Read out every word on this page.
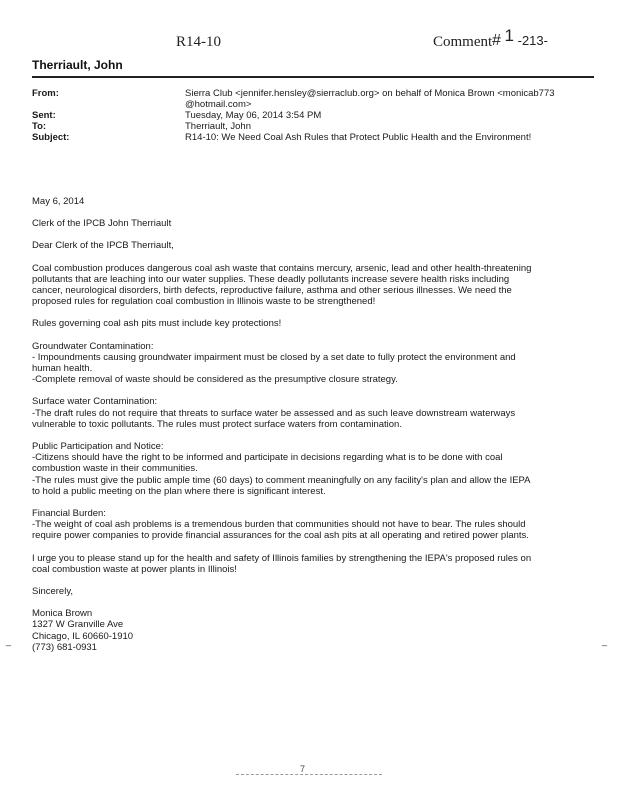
R14-10	Comment # 1 -213-
Therriault, John
From:	Sierra Club <jennifer.hensley@sierraclub.org> on behalf of Monica Brown <monicab773
@hotmail.com>
Sent:	Tuesday, May 06, 2014 3:54 PM
To:	Therriault, John
Subject:	R14-10: We Need Coal Ash Rules that Protect Public Health and the Environment!

May 6, 2014

Clerk of the IPCB John Therriault

Dear Clerk of the IPCB Therriault,

Coal combustion produces dangerous coal ash waste that contains mercury, arsenic, lead and other health-threatening
pollutants that are leaching into our water supplies. These deadly pollutants increase severe health risks including
cancer, neurological disorders, birth defects, reproductive failure, asthma and other serious illnesses. We need the
proposed rules for regulation coal combustion in Illinois waste to be strengthened!

Rules governing coal ash pits must include key protections!

Groundwater Contamination:
- Impoundments causing groundwater impairment must be closed by a set date to fully protect the environment and
human health.
-Complete removal of waste should be considered as the presumptive closure strategy.
Surface water Contamination:
-The draft rules do not require that threats to surface water be assessed and as such leave downstream waterways
vulnerable to toxic pollutants. The rules must protect surface waters from contamination.
Public Participation and Notice:
-Citizens should have the right to be informed and participate in decisions regarding what is to be done with coal
combustion waste in their communities.
-The rules must give the public ample time (60 days) to comment meaningfully on any facility's plan and allow the IEPA
to hold a public meeting on the plan where there is significant interest.
Financial Burden:
-The weight of coal ash problems is a tremendous burden that communities should not have to bear. The rules should
require power companies to provide financial assurances for the coal ash pits at all operating and retired power plants.
I urge you to please stand up for the health and safety of Illinois families by strengthening the IEPA's proposed rules on
coal combustion waste at power plants in Illinois!

Sincerely,

Monica Brown
1327 W Granville Ave
Chicago, IL 60660-1910
(773) 681-0931
_	_
7
